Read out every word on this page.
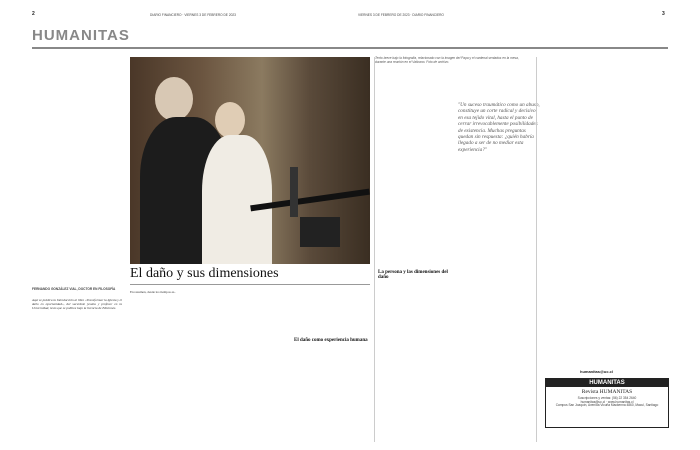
2	DIARIO FINANCIERO · VIERNES 3 DE FEBRERO DE 2023	VIERNES 3 DE FEBRERO DE 2023 · DIARIO FINANCIERO	3
HUMANITAS
Texto breve bajo la fotografía, relacionado con la imagen del Papa y el cardenal sentados en la mesa, durante una reunión en el Vaticano. Foto de archivo.
El daño y sus dimensiones
FERNANDO GONZÁLEZ VIAL, DOCTOR EN FILOSOFÍA
Aquí se publica la Introducción al libro «Transformar la Iglesia y el daño en oportunidad», del sacerdote jesuita y profesor en la Universidad, texto que se publica bajo la licencia de Ediciones.
En resumen, desde los tiempos es-
El daño como experiencia humana
La persona y las dimensiones del daño
"Un suceso traumático como un abuso, constituye un corte radical y decisivo en esa tejido vital, hasta el punto de cerrar irrevocablemente posibilidades de existencia. Muchas preguntas quedan sin respuesta: ¿quién habría llegado a ser de no mediar esta experiencia?"
humanitas@uc.cl
HUMANITAS
Revista HUMANITAS
Suscripciones y ventas: (56) 22 354 2640
humanitas@uc.cl · www.humanitas.cl
Campus San Joaquín, Avenida Vicuña Mackenna 4860, Macul, Santiago
